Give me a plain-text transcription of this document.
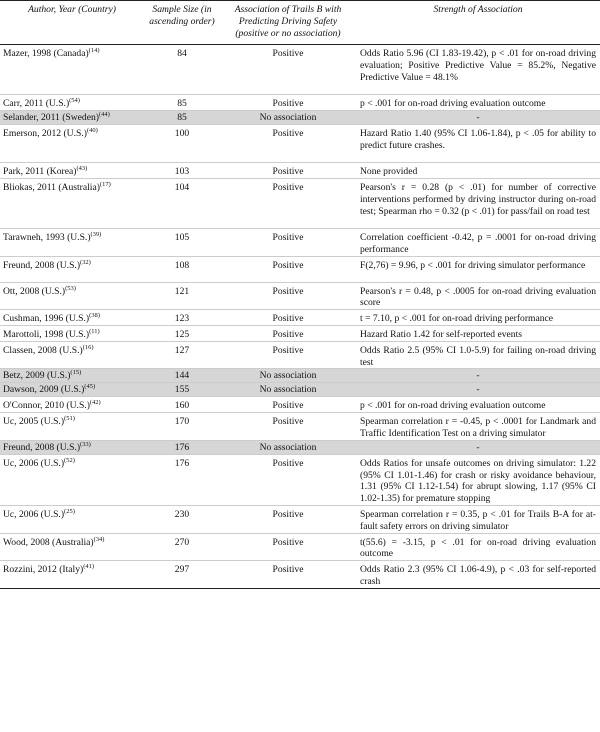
Author, Year (Country)	Sample Size (in ascending order)	Association of Trails B with Predicting Driving Safety (positive or no association)	Strength of Association
Mazer, 1998 (Canada)$^{(14)}$	84	Positive	Odds Ratio 5.96 (CI 1.83-19.42), p < .01 for on-road driving evaluation; Positive Predictive Value = 85.2%, Negative Predictive Value = 48.1%
Carr, 2011 $(U.S.)^{(54)}$	85	Positive	p < .001 for on-road driving evaluation outcome
Selander, 2011 (Sweden)$^{(44)}$	85	No association	-
Emerson, 2012 $(U.S.)^{(40)}$	100	Positive	Hazard Ratio 1.40 (95% CI 1.06-1.84), p < .05 for ability to predict future crashes.
Park, 2011 (Korea)$^{(43)}$	103	Positive	None provided
Bliokas, 2011 (Australia)$^{(17)}$	104	Positive	Pearson's r = 0.28 (p < .01) for number of corrective interventions performed by driving instructor during on-road test; Spearman rho = 0.32 (p < .01) for pass/fail on road test
Tarawneh, 1993 $(U.S.)^{(39)}$	105	Positive	Correlation coefficient -0.42, p = .0001 for on-road driving performance
Freund, 2008 $(U.S.)^{(32)}$	108	Positive	F(2,76) = 9.96, p < .001 for driving simulator performance
Ott, 2008 $(U.S.)^{(53)}$	121	Positive	Pearson's r = 0.48, p < .0005 for on-road driving evaluation score
Cushman, 1996 $(U.S.)^{(38)}$	123	Positive	t = 7.10, p < .001 for on-road driving performance
Marottoli, 1998 $(U.S.)^{(11)}$	125	Positive	Hazard Ratio 1.42 for self-reported events
Classen, 2008 $(U.S.)^{(16)}$	127	Positive	Odds Ratio 2.5 (95% CI 1.0-5.9) for failing on-road driving test
Betz, 2009 $(U.S.)^{(15)}$	144	No association	-
Dawson, 2009 $(U.S.)^{(45)}$	155	No association	-
O'Connor, 2010 $(U.S.)^{(42)}$	160	Positive	p < .001 for on-road driving evaluation outcome
Uc, 2005 $(U.S.)^{(51)}$	170	Positive	Spearman correlation r = -0.45, p < .0001 for Landmark and Traffic Identification Test on a driving simulator
Freund, 2008 $(U.S.)^{(33)}$	176	No association	-
Uc, 2006 $(U.S.)^{(52)}$	176	Positive	Odds Ratios for unsafe outcomes on driving simulator: 1.22 (95% CI 1.01-1.46) for crash or risky avoidance behaviour, 1.31 (95% CI 1.12-1.54) for abrupt slowing, 1.17 (95% CI 1.02-1.35) for premature stopping
Uc, 2006 $(U.S.)^{(25)}$	230	Positive	Spearman correlation r = 0.35, p < .01 for Trails B-A for at-fault safety errors on driving simulator
Wood, 2008 (Australia)$^{(34)}$	270	Positive	t(55.6) = -3.15, p < .01 for on-road driving evaluation outcome
Rozzini, 2012 (Italy)$^{(41)}$	297	Positive	Odds Ratio 2.3 (95% CI 1.06-4.9), p < .03 for self-reported crash
